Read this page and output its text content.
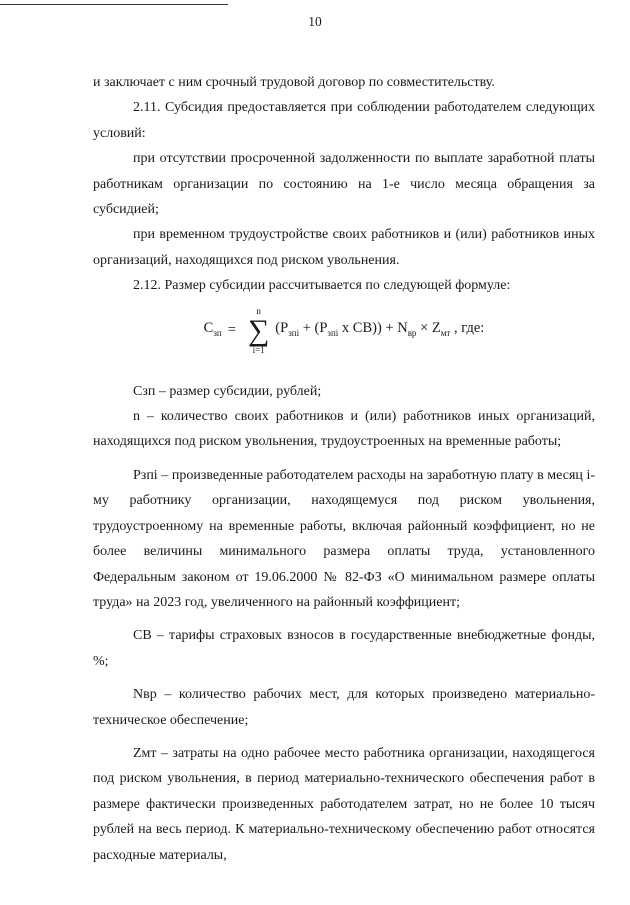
10

и заключает с ним срочный трудовой договор по совместительству.

2.11. Субсидия предоставляется при соблюдении работодателем следующих условий:

при отсутствии просроченной задолженности по выплате заработной платы работникам организации по состоянию на 1-е число месяца обращения за субсидией;

при временном трудоустройстве своих работников и (или) работников иных организаций, находящихся под риском увольнения.

2.12. Размер субсидии рассчитывается по следующей формуле:

$C_{зп}$ =
n
∑
i=1
($P_{зпi} + (P_{зпi}$ x $CB)) + N_{вр} \times Z_{мт}$ , где:

Сзп – размер субсидии, рублей;

n – количество своих работников и (или) работников иных организаций, находящихся под риском увольнения, трудоустроенных на временные работы;

Рзпi – произведенные работодателем расходы на заработную плату в месяц i-му работнику организации, находящемуся под риском увольнения, трудоустроенному на временные работы, включая районный коэффициент, но не более величины минимального размера оплаты труда, установленного Федеральным законом от 19.06.2000 № 82-ФЗ «О минимальном размере оплаты труда» на 2023 год, увеличенного на районный коэффициент;

СВ – тарифы страховых взносов в государственные внебюджетные фонды, %;

Nвр – количество рабочих мест, для которых произведено материально-техническое обеспечение;

Zмт – затраты на одно рабочее место работника организации, находящегося под риском увольнения, в период материально-технического обеспечения работ в размере фактически произведенных работодателем затрат, но не более 10 тысяч рублей на весь период. К материально-техническому обеспечению работ относятся расходные материалы,
